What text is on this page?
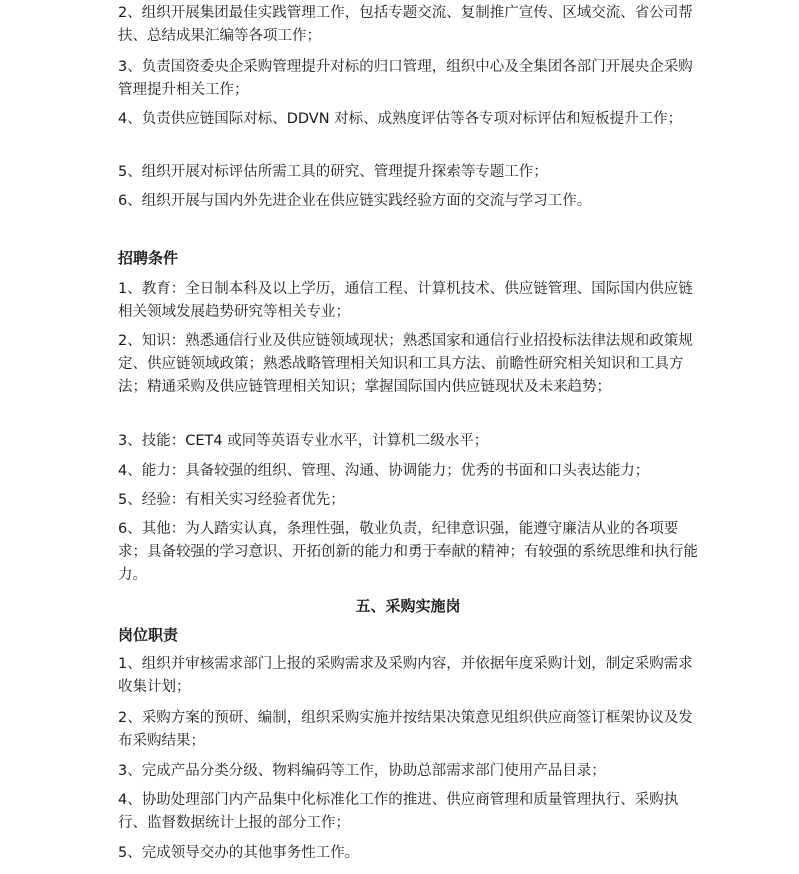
2、组织开展集团最佳实践管理工作，包括专题交流、复制推广宣传、区域交流、省公司帮扶、总结成果汇编等各项工作；

3、负责国资委央企采购管理提升对标的归口管理，组织中心及全集团各部门开展央企采购管理提升相关工作；

4、负责供应链国际对标、DDVN 对标、成熟度评估等各专项对标评估和短板提升工作；

5、组织开展对标评估所需工具的研究、管理提升探索等专题工作；

6、组织开展与国内外先进企业在供应链实践经验方面的交流与学习工作。

招聘条件

1、教育：全日制本科及以上学历，通信工程、计算机技术、供应链管理、国际国内供应链相关领域发展趋势研究等相关专业；

2、知识：熟悉通信行业及供应链领域现状；熟悉国家和通信行业招投标法律法规和政策规定、供应链领域政策；熟悉战略管理相关知识和工具方法、前瞻性研究相关知识和工具方法；精通采购及供应链管理相关知识；掌握国际国内供应链现状及未来趋势；

3、技能：CET4 或同等英语专业水平，计算机二级水平；

4、能力：具备较强的组织、管理、沟通、协调能力；优秀的书面和口头表达能力；

5、经验：有相关实习经验者优先；

6、其他：为人踏实认真，条理性强，敬业负责，纪律意识强，能遵守廉洁从业的各项要求；具备较强的学习意识、开拓创新的能力和勇于奉献的精神；有较强的系统思维和执行能力。

五、采购实施岗

岗位职责

1、组织并审核需求部门上报的采购需求及采购内容，并依据年度采购计划，制定采购需求收集计划；

2、采购方案的预研、编制，组织采购实施并按结果决策意见组织供应商签订框架协议及发布采购结果；

3、完成产品分类分级、物料编码等工作，协助总部需求部门使用产品目录；

4、协助处理部门内产品集中化标准化工作的推进、供应商管理和质量管理执行、采购执行、监督数据统计上报的部分工作；

5、完成领导交办的其他事务性工作。
